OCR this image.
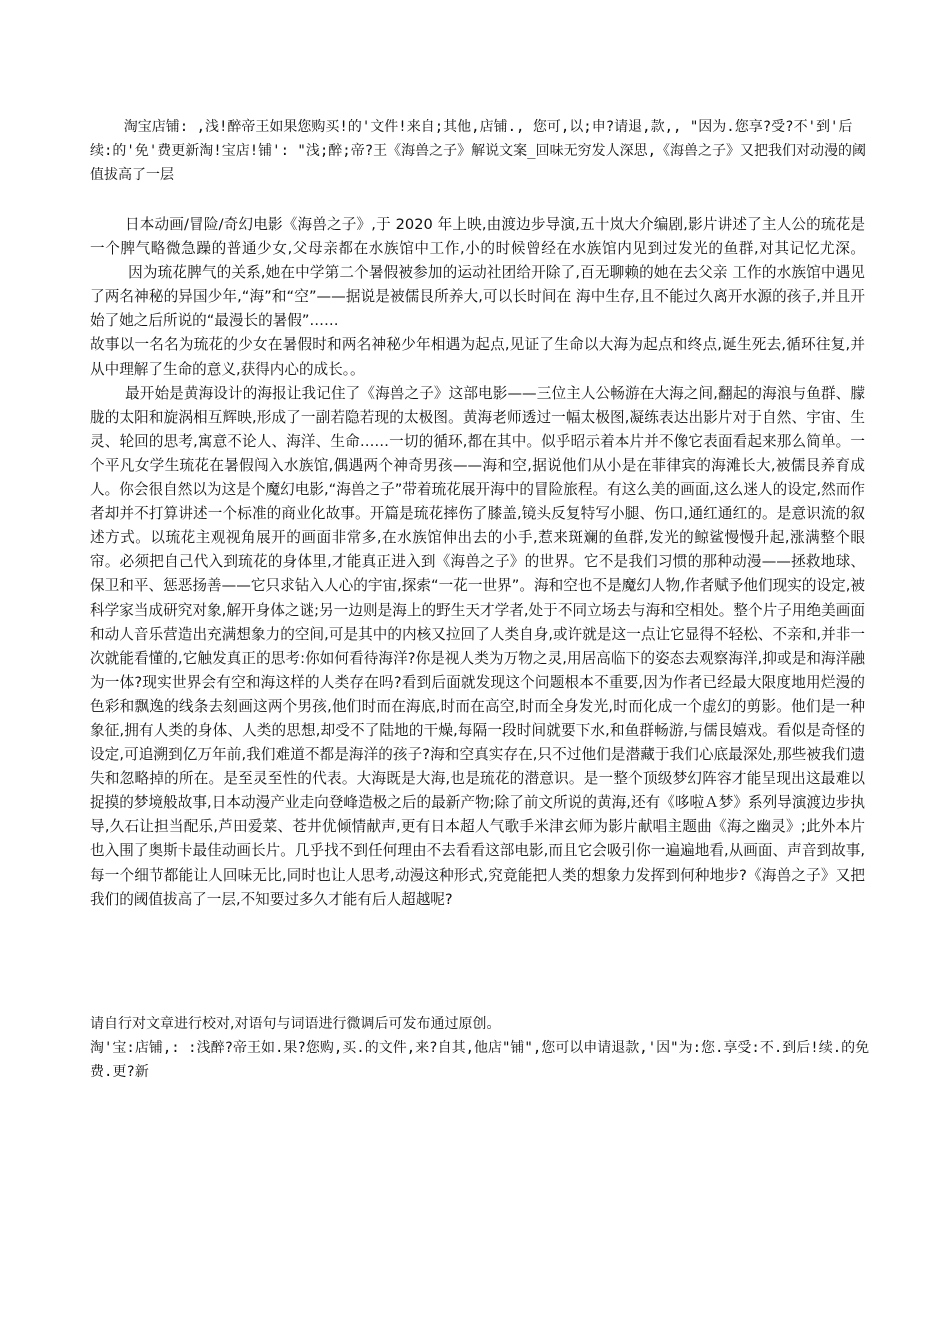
淘宝店铺: ,浅!醉帝王如果您购买!的'文件!来自;其他,店铺., 您可,以;申?请退,款,, "因为.您享?受?不'到'后续:的'免'费更新淘!宝店!铺': "浅;醉;帝?王《海兽之子》解说文案_回味无穷发人深思,《海兽之子》又把我们对动漫的阈值拔高了一层

日本动画/冒险/奇幻电影《海兽之子》,于 2020 年上映,由渡边步导演,五十岚大介编剧,影片讲述了主人公的琉花是一个脾气略微急躁的普通少女,父母亲都在水族馆中工作,小的时候曾经在水族馆内见到过发光的鱼群,对其记忆尤深。因为琉花脾气的关系,她在中学第二个暑假被参加的运动社团给开除了,百无聊赖的她在去父亲 工作的水族馆中遇见了两名神秘的异国少年,“海”和“空”——据说是被儒艮所养大,可以长时间在 海中生存,且不能过久离开水源的孩子,并且开始了她之后所说的“最漫长的暑假”……

故事以一名名为琉花的少女在暑假时和两名神秘少年相遇为起点,见证了生命以大海为起点和终点,诞生死去,循环往复,并从中理解了生命的意义,获得内心的成长。。

最开始是黄海设计的海报让我记住了《海兽之子》这部电影——三位主人公畅游在大海之间,翻起的海浪与鱼群、朦胧的太阳和旋涡相互辉映,形成了一副若隐若现的太极图。黄海老师透过一幅太极图,凝练表达出影片对于自然、宇宙、生灵、轮回的思考,寓意不论人、海洋、生命……一切的循环,都在其中。似乎昭示着本片并不像它表面看起来那么简单。一个平凡女学生琉花在暑假闯入水族馆,偶遇两个神奇男孩——海和空,据说他们从小是在菲律宾的海滩长大,被儒艮养育成人。你会很自然以为这是个魔幻电影,“海兽之子”带着琉花展开海中的冒险旅程。有这么美的画面,这么迷人的设定,然而作者却并不打算讲述一个标准的商业化故事。开篇是琉花摔伤了膝盖,镜头反复特写小腿、伤口,通红通红的。是意识流的叙述方式。以琉花主观视角展开的画面非常多,在水族馆伸出去的小手,惹来斑斓的鱼群,发光的鲸鲨慢慢升起,涨满整个眼帘。必须把自己代入到琉花的身体里,才能真正进入到《海兽之子》的世界。它不是我们习惯的那种动漫——拯救地球、保卫和平、惩恶扬善——它只求钻入人心的宇宙,探索“一花一世界”。海和空也不是魔幻人物,作者赋予他们现实的设定,被科学家当成研究对象,解开身体之谜;另一边则是海上的野生天才学者,处于不同立场去与海和空相处。整个片子用绝美画面和动人音乐营造出充满想象力的空间,可是其中的内核又拉回了人类自身,或许就是这一点让它显得不轻松、不亲和,并非一次就能看懂的,它触发真正的思考:你如何看待海洋?你是视人类为万物之灵,用居高临下的姿态去观察海洋,抑或是和海洋融为一体?现实世界会有空和海这样的人类存在吗?看到后面就发现这个问题根本不重要,因为作者已经最大限度地用烂漫的色彩和飘逸的线条去刻画这两个男孩,他们时而在海底,时而在高空,时而全身发光,时而化成一个虚幻的剪影。他们是一种象征,拥有人类的身体、人类的思想,却受不了陆地的干燥,每隔一段时间就要下水,和鱼群畅游,与儒艮嬉戏。看似是奇怪的设定,可追溯到亿万年前,我们难道不都是海洋的孩子?海和空真实存在,只不过他们是潜藏于我们心底最深处,那些被我们遗失和忽略掉的所在。是至灵至性的代表。大海既是大海,也是琉花的潜意识。是一整个顶级梦幻阵容才能呈现出这最难以捉摸的梦境般故事,日本动漫产业走向登峰造极之后的最新产物;除了前文所说的黄海,还有《哆啦Ａ梦》系列导演渡边步执导,久石让担当配乐,芦田爱菜、苍井优倾情献声,更有日本超人气歌手米津玄师为影片献唱主题曲《海之幽灵》;此外本片也入围了奥斯卡最佳动画长片。几乎找不到任何理由不去看看这部电影,而且它会吸引你一遍遍地看,从画面、声音到故事,每一个细节都能让人回味无比,同时也让人思考,动漫这种形式,究竟能把人类的想象力发挥到何种地步?《海兽之子》又把我们的阈值拔高了一层,不知要过多久才能有后人超越呢?

请自行对文章进行校对,对语句与词语进行微调后可发布通过原创。

淘'宝:店铺,: :浅醉?帝王如.果?您购,买.的文件,来?自其,他店"铺",您可以申请退款,'因"为:您.享受:不.到后!续.的免费.更?新
